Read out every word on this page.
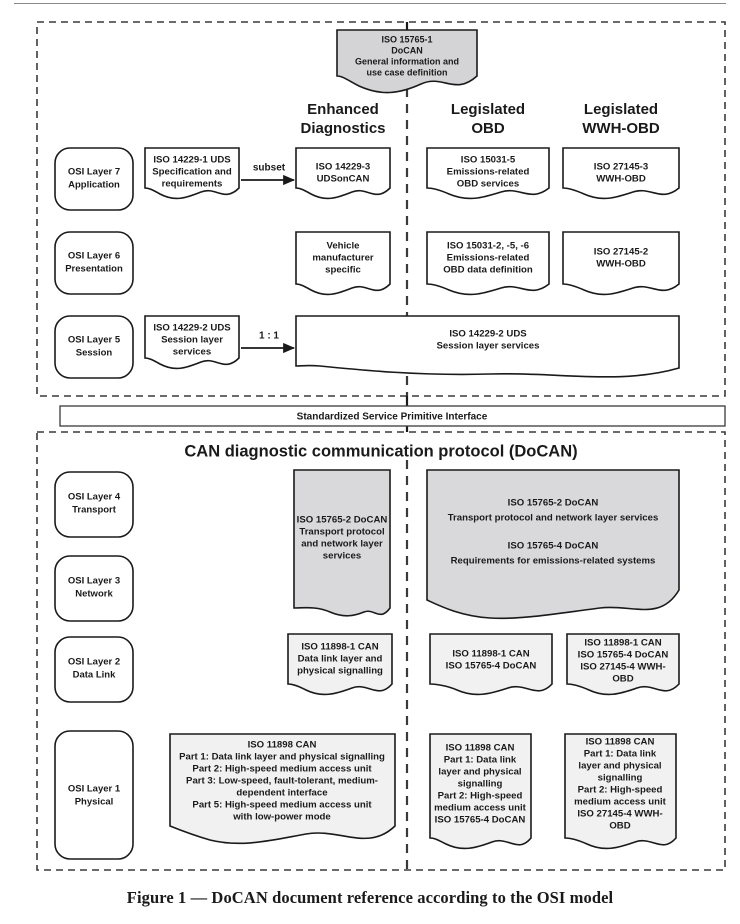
ISO 15765-1
DoCAN
General information and
use case definition
Enhanced
Diagnostics
Legislated
OBD
Legislated
WWH-OBD
OSI Layer 7
Application
ISO 14229-1 UDS
Specification and
requirements
subset	ISO 14229-3
UDSonCAN
ISO 15031-5
Emissions-related
OBD services
ISO 27145-3
WWH-OBD
OSI Layer 6
Presentation
Vehicle
manufacturer
specific
ISO 15031-2, -5, -6
Emissions-related
OBD data definition
ISO 27145-2
WWH-OBD
OSI Layer 5
Session
ISO 14229-2 UDS
Session layer
services
1 : 1	ISO 14229-2 UDS
Session layer services
Standardized Service Primitive Interface
CAN diagnostic communication protocol (DoCAN)
OSI Layer 4
Transport
OSI Layer 3
Network
ISO 15765-2 DoCAN
Transport protocol
and network layer
services
ISO 15765-2 DoCAN
Transport protocol and network layer services
ISO 15765-4 DoCAN
Requirements for emissions-related systems
OSI Layer 2
Data Link
ISO 11898-1 CAN
Data link layer and
physical signalling
ISO 11898-1 CAN
ISO 15765-4 DoCAN
ISO 11898-1 CAN
ISO 15765-4 DoCAN
ISO 27145-4 WWH-
OBD
OSI Layer 1
Physical
ISO 11898 CAN
Part 1: Data link layer and physical signalling
Part 2: High-speed medium access unit
Part 3: Low-speed, fault-tolerant, medium-
dependent interface
Part 5: High-speed medium access unit
with low-power mode
ISO 11898 CAN
Part 1: Data link
layer and physical
signalling
Part 2: High-speed
medium access unit
ISO 15765-4 DoCAN
ISO 11898 CAN
Part 1: Data link
layer and physical
signalling
Part 2: High-speed
medium access unit
ISO 27145-4 WWH-
OBD
Figure 1 — DoCAN document reference according to the OSI model
